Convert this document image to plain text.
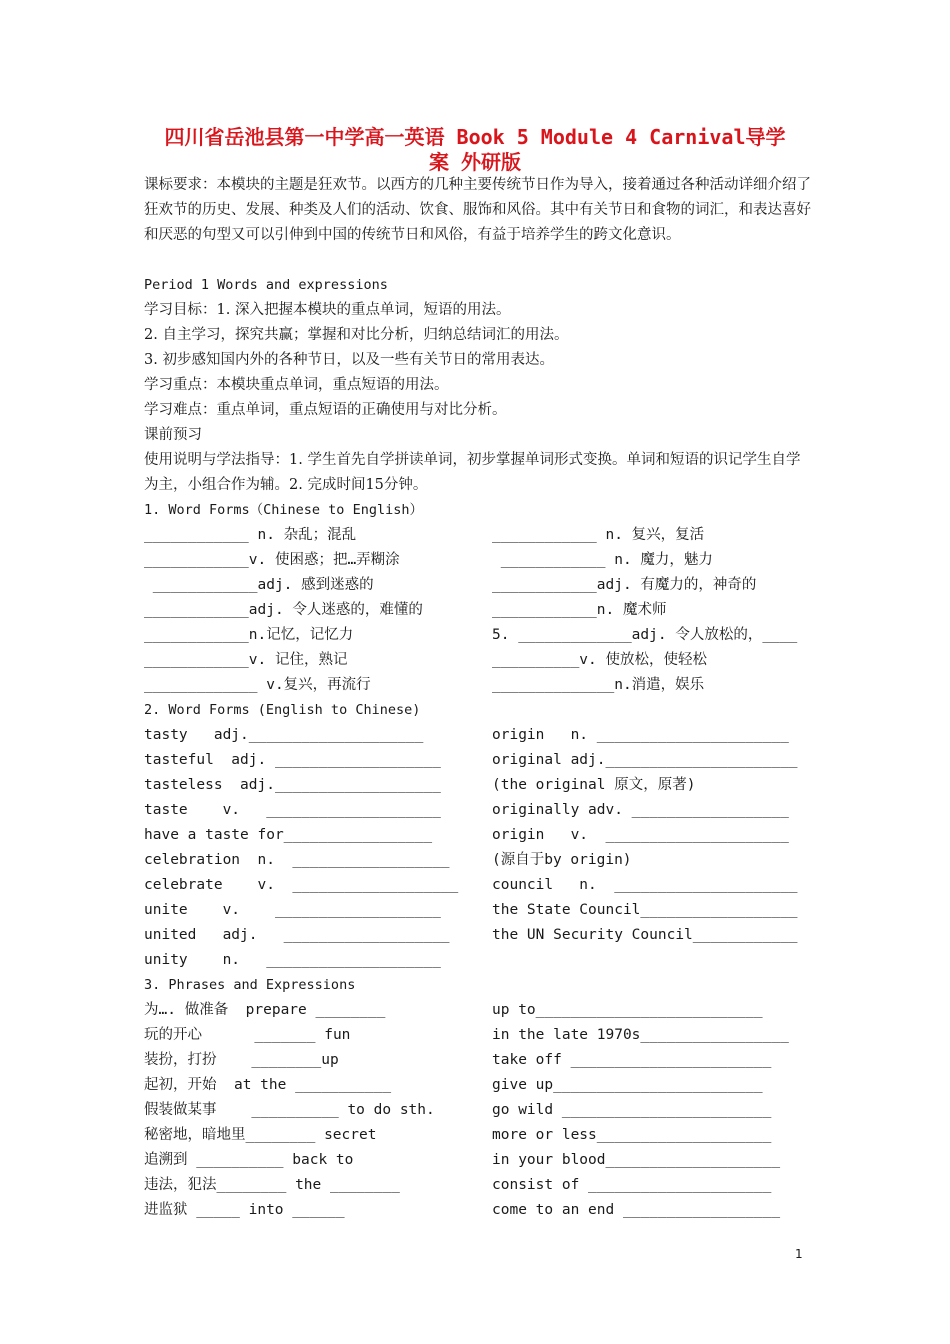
四川省岳池县第一中学高一英语 Book 5 Module 4 Carnival导学
案 外研版
课标要求：本模块的主题是狂欢节。以西方的几种主要传统节日作为导入，接着通过各种活动详细介绍了狂欢节的历史、发展、种类及人们的活动、饮食、服饰和风俗。其中有关节日和食物的词汇，和表达喜好和厌恶的句型又可以引伸到中国的传统节日和风俗，有益于培养学生的跨文化意识。
Period 1 Words and expressions
学习目标：1. 深入把握本模块的重点单词，短语的用法。
2. 自主学习，探究共赢；掌握和对比分析，归纳总结词汇的用法。
3. 初步感知国内外的各种节日，以及一些有关节日的常用表达。
学习重点：本模块重点单词，重点短语的用法。
学习难点：重点单词，重点短语的正确使用与对比分析。
课前预习
使用说明与学法指导：1. 学生首先自学拼读单词，初步掌握单词形式变换。单词和短语的识记学生自学为主，小组合作为辅。2. 完成时间15分钟。
1. Word Forms（Chinese to English）
____________ n. 杂乱；混乱
____________v. 使困惑；把…弄糊涂
____________adj. 感到迷惑的
____________adj. 令人迷惑的，难懂的
____________n.记忆，记忆力
____________v. 记住，熟记
_____________ v.复兴，再流行
____________ n. 复兴，复活
____________ n. 魔力，魅力
____________adj. 有魔力的，神奇的
____________n. 魔术师
5. _____________adj. 令人放松的，____
__________v. 使放松，使轻松
______________n.消遣，娱乐
2. Word Forms (English to Chinese)
tasty   adj.____________________
tasteful  adj. ___________________
tasteless  adj.___________________
taste    v.   ____________________
have a taste for_________________
celebration  n.  __________________
celebrate    v.  ___________________
unite    v.    ___________________
united   adj.   ___________________
unity    n.   ____________________
origin   n. ______________________
original adj.______________________
(the original 原文，原著)
originally adv. __________________
origin   v.  _____________________
(源自于by origin)
council   n.  _____________________
the State Council__________________
the UN Security Council____________
3. Phrases and Expressions
为…. 做准备  prepare ________
玩的开心      _______ fun
装扮，打扮    ________up
起初，开始  at the ___________
假装做某事    __________ to do sth.
秘密地，暗地里________ secret
追溯到 __________ back to
违法，犯法________ the ________
进监狱 _____ into ______
up to__________________________
in the late 1970s_________________
take off _______________________
give up________________________
go wild ________________________
more or less____________________
in your blood____________________
consist of _____________________
come to an end __________________
1
